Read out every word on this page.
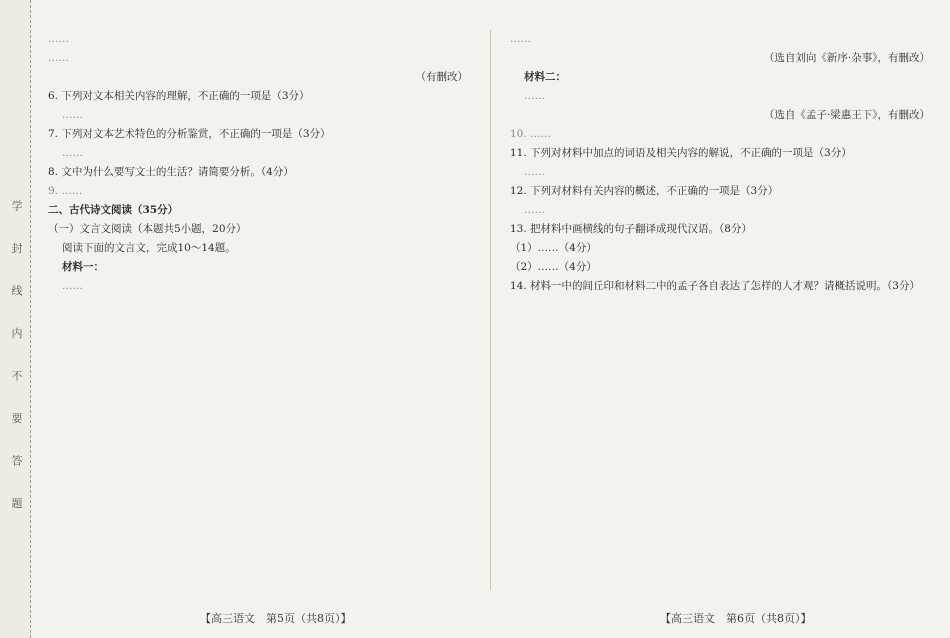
学 封 线 内 不 要 答 题

……

……

（有删改）

6. 下列对文本相关内容的理解，不正确的一项是（3分）

……

7. 下列对文本艺术特色的分析鉴赏，不正确的一项是（3分）

……

8. 文中为什么要写文士的生活？请简要分析。（4分）

9. ……

二、古代诗文阅读（35分）

（一）文言文阅读（本题共5小题，20分）

阅读下面的文言文，完成10～14题。

材料一：

……

……

（选自刘向《新序·杂事》，有删改）

材料二：

……

（选自《孟子·梁惠王下》，有删改）

10. ……

11. 下列对材料中加点的词语及相关内容的解说，不正确的一项是（3分）

……

12. 下列对材料有关内容的概述，不正确的一项是（3分）

……

13. 把材料中画横线的句子翻译成现代汉语。（8分）

（1）……（4分）

（2）……（4分）

14. 材料一中的闾丘印和材料二中的孟子各自表达了怎样的人才观？请概括说明。（3分）

【高三语文　第5页（共8页）】	【高三语文　第6页（共8页）】
